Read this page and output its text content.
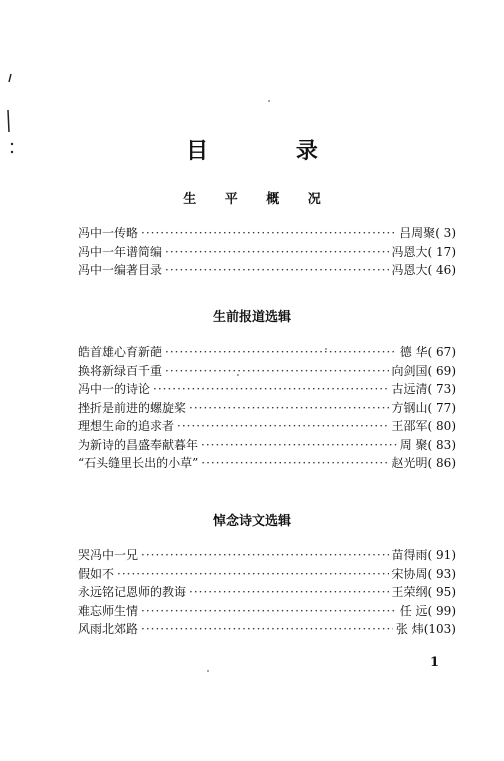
目 录
生 平 概 况
冯中一传略 ·····	吕周聚 ( 3)
冯中一年谱简编 ·····	冯恩大 ( 17)
冯中一编著目录 ·····	冯恩大 ( 46)
生前报道选辑
皓首雄心育新葩 ·····	德 华 ( 67)
换将新绿百千重 ·····	向剑国 ( 69)
冯中一的诗论 ·····	古远清 ( 73)
挫折是前进的螺旋桨 ·····	方钢山 ( 77)
理想生命的追求者 ·····	王邵军 ( 80)
为新诗的昌盛奉献暮年 ·····	周 聚 ( 83)
“石头缝里长出的小草” ·····	赵光明 ( 86)
悼念诗文选辑
哭冯中一兄 ·····	苗得雨 ( 91)
假如不 ·····	宋协周 ( 93)
永远铭记恩师的教诲 ·····	王荣纲 ( 95)
难忘师生情 ·····	任 远 ( 99)
风雨北郊路 ·····	张 炜 (103)
1
